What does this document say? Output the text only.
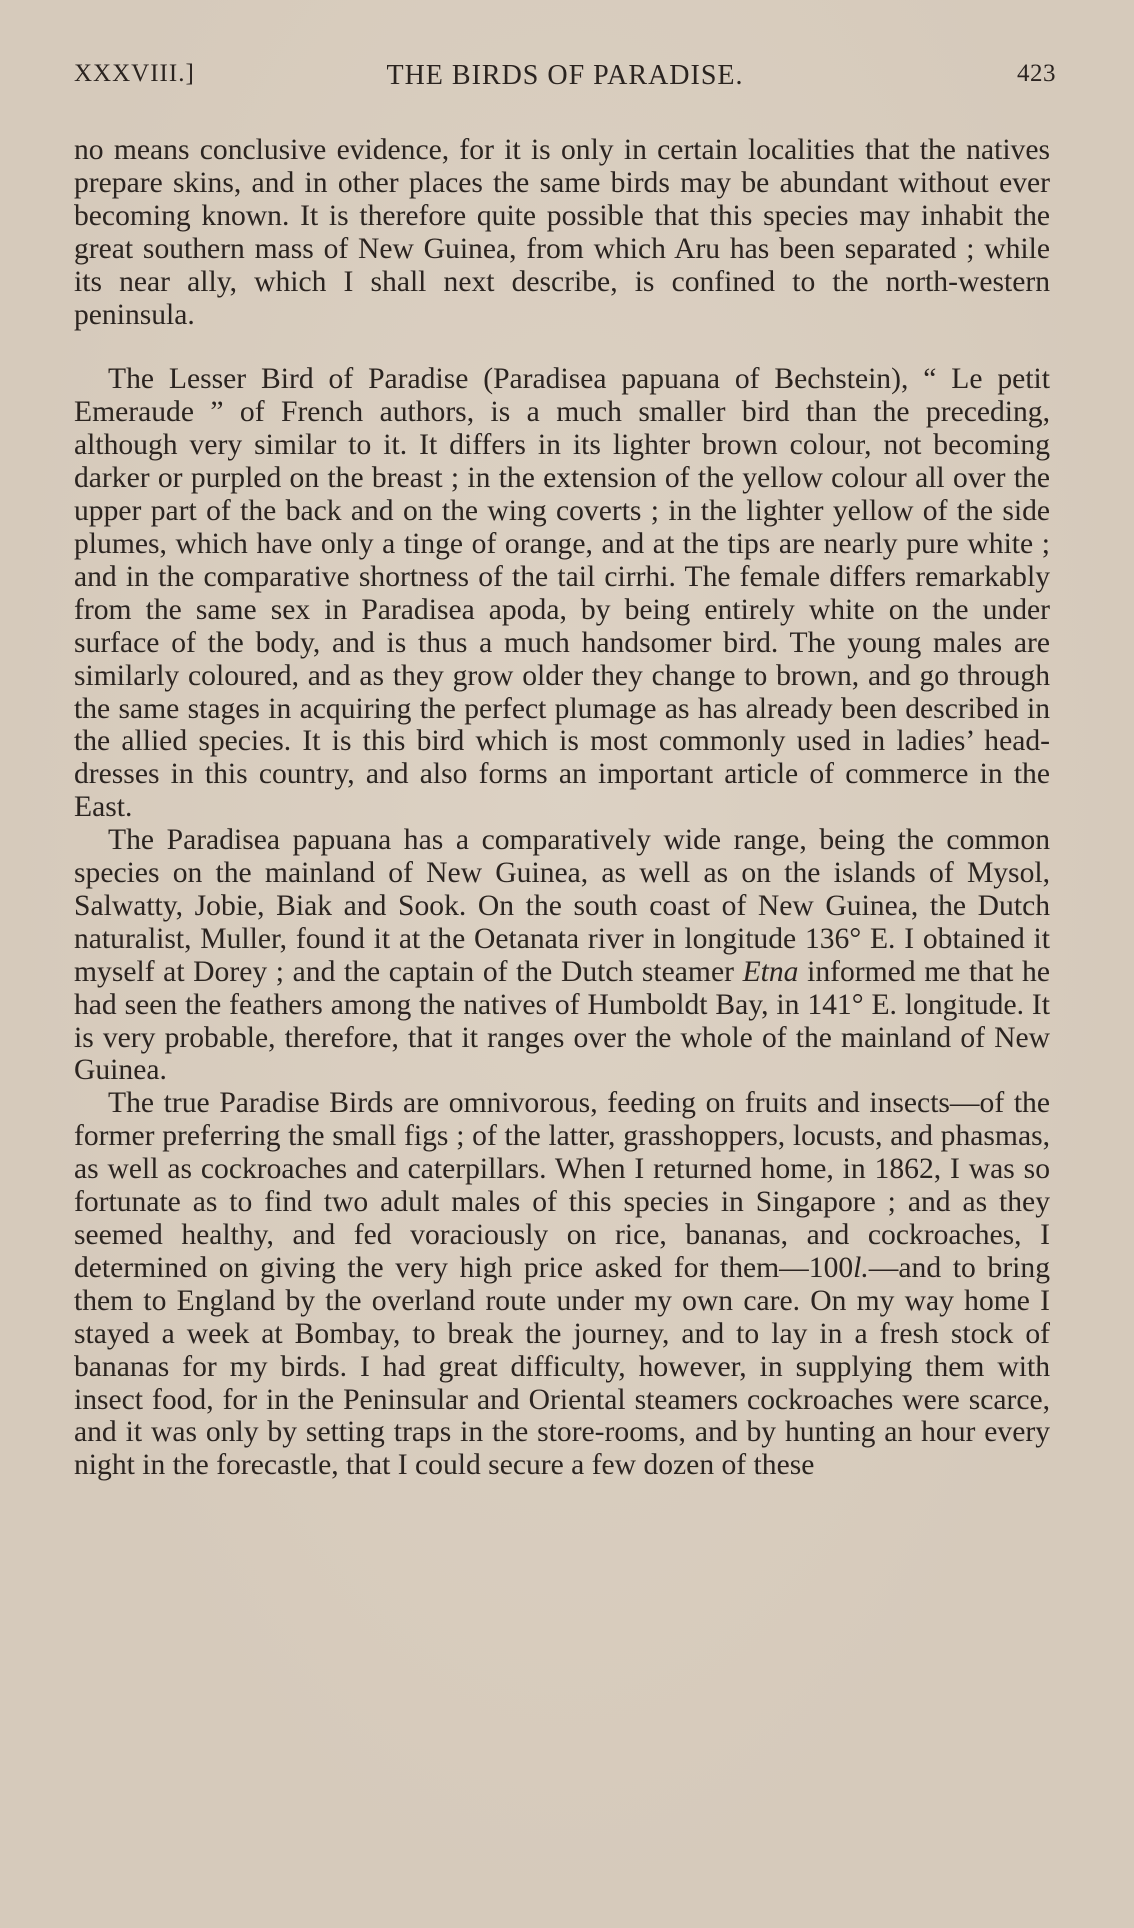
XXXVIII.]	THE BIRDS OF PARADISE.	423

no means conclusive evidence, for it is only in certain localities that the natives prepare skins, and in other places the same birds may be abundant without ever becoming known. It is therefore quite possible that this species may inhabit the great southern mass of New Guinea, from which Aru has been separated ; while its near ally, which I shall next describe, is confined to the north-western peninsula.

The Lesser Bird of Paradise (Paradisea papuana of Bechstein), “ Le petit Emeraude ” of French authors, is a much smaller bird than the preceding, although very similar to it. It differs in its lighter brown colour, not becoming darker or purpled on the breast ; in the extension of the yellow colour all over the upper part of the back and on the wing coverts ; in the lighter yellow of the side plumes, which have only a tinge of orange, and at the tips are nearly pure white ; and in the comparative shortness of the tail cirrhi. The female differs remarkably from the same sex in Paradisea apoda, by being entirely white on the under surface of the body, and is thus a much handsomer bird. The young males are similarly coloured, and as they grow older they change to brown, and go through the same stages in acquiring the perfect plumage as has already been described in the allied species. It is this bird which is most commonly used in ladies’ head-dresses in this country, and also forms an important article of commerce in the East.

The Paradisea papuana has a comparatively wide range, being the common species on the mainland of New Guinea, as well as on the islands of Mysol, Salwatty, Jobie, Biak and Sook. On the south coast of New Guinea, the Dutch naturalist, Muller, found it at the Oetanata river in longitude 136° E. I obtained it myself at Dorey ; and the captain of the Dutch steamer Etna informed me that he had seen the feathers among the natives of Humboldt Bay, in 141° E. longitude. It is very probable, therefore, that it ranges over the whole of the mainland of New Guinea.

The true Paradise Birds are omnivorous, feeding on fruits and insects—of the former preferring the small figs ; of the latter, grasshoppers, locusts, and phasmas, as well as cockroaches and caterpillars. When I returned home, in 1862, I was so fortunate as to find two adult males of this species in Singapore ; and as they seemed healthy, and fed voraciously on rice, bananas, and cockroaches, I determined on giving the very high price asked for them—100l.—and to bring them to England by the overland route under my own care. On my way home I stayed a week at Bombay, to break the journey, and to lay in a fresh stock of bananas for my birds. I had great difficulty, however, in supplying them with insect food, for in the Peninsular and Oriental steamers cockroaches were scarce, and it was only by setting traps in the store-rooms, and by hunting an hour every night in the forecastle, that I could secure a few dozen of these
